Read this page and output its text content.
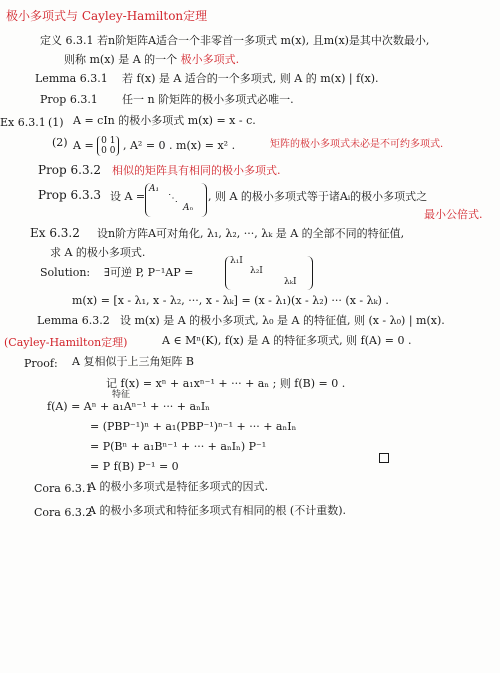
极小多项式与 Cayley-Hamilton定理
定义 6.3.1 若n阶矩阵A适合一个非零首一多项式 m(x), 且m(x)是其中次数最小,
则称 m(x) 是 A 的一个 极小多项式.
Lemma 6.3.1 若 f(x) 是 A 适合的一个多项式, 则 A 的 m(x) | f(x).
Prop 6.3.1 任一 n 阶矩阵的极小多项式必唯一.
Ex 6.3.1 (1) A = cIn 的极小多项式 m(x) = x - c.
(2) A = 0 1
0 0 , A² = 0 . m(x) = x² .	矩阵的极小多项式未必是不可约多项式.
Prop 6.3.2 相似的矩阵具有相同的极小多项式.
Prop 6.3.3 设 A =
A₁
⋱
Aₙ
, 则 A 的极小多项式等于诸Aᵢ的极小多项式之
最小公倍式.
Ex 6.3.2 设n阶方阵A可对角化, λ₁, λ₂, ···, λₖ 是 A 的全部不同的特征值,
求 A 的极小多项式.
Solution: ∃可逆 P, P⁻¹AP =
λ₁I
λ₂I
λₖI
m(x) = [x - λ₁, x - λ₂, ···, x - λₖ] = (x - λ₁)(x - λ₂) ··· (x - λₖ) .
Lemma 6.3.2 设 m(x) 是 A 的极小多项式, λ₀ 是 A 的特征值, 则 (x - λ₀) | m(x).
(Cayley-Hamilton定理)	A ∈ Mⁿ(K), f(x) 是 A 的特征多项式, 则 f(A) = 0 .
Proof: A 复相似于上三角矩阵 B
记 f(x) = xⁿ + a₁xⁿ⁻¹ + ··· + aₙ ; 则 f(B) = 0 .
特征
f(A) = Aⁿ + a₁Aⁿ⁻¹ + ··· + aₙIₙ
= (PBP⁻¹)ⁿ + a₁(PBP⁻¹)ⁿ⁻¹ + ··· + aₙIₙ
= P(Bⁿ + a₁Bⁿ⁻¹ + ··· + aₙIₙ) P⁻¹
= P f(B) P⁻¹ = 0
Cora 6.3.1
A 的极小多项式是特征多项式的因式.
Cora 6.3.2
A 的极小多项式和特征多项式有相同的根 (不计重数).
